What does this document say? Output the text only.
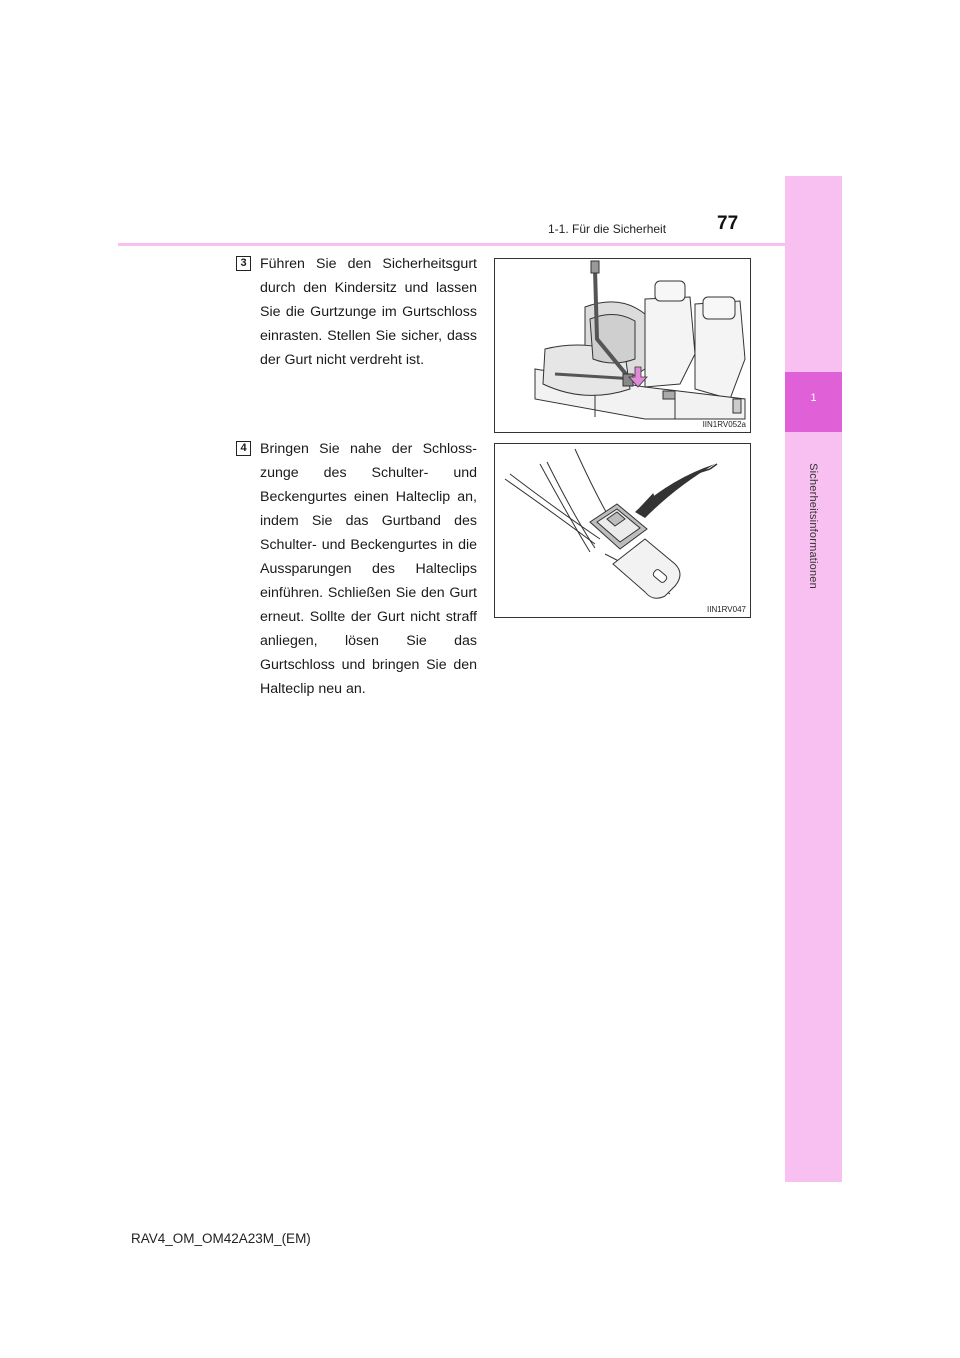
1
Sicherheitsinformationen
1-1. Für die Sicherheit	77
3 Führen Sie den Sicherheitsgurt durch den Kindersitz und lassen Sie die Gurtzunge im Gurtschloss einrasten. Stellen Sie sicher, dass der Gurt nicht verdreht ist.
IIN1RV052a
4 Bringen Sie nahe der Schlosszunge des Schulter- und Beckengurtes einen Halteclip an, indem Sie das Gurtband des Schulter- und Beckengurtes in die Aussparungen des Halteclips einführen. Schließen Sie den Gurt erneut. Sollte der Gurt nicht straff anliegen, lösen Sie das Gurtschloss und bringen Sie den Halteclip neu an.
IIN1RV047
RAV4_OM_OM42A23M_(EM)
